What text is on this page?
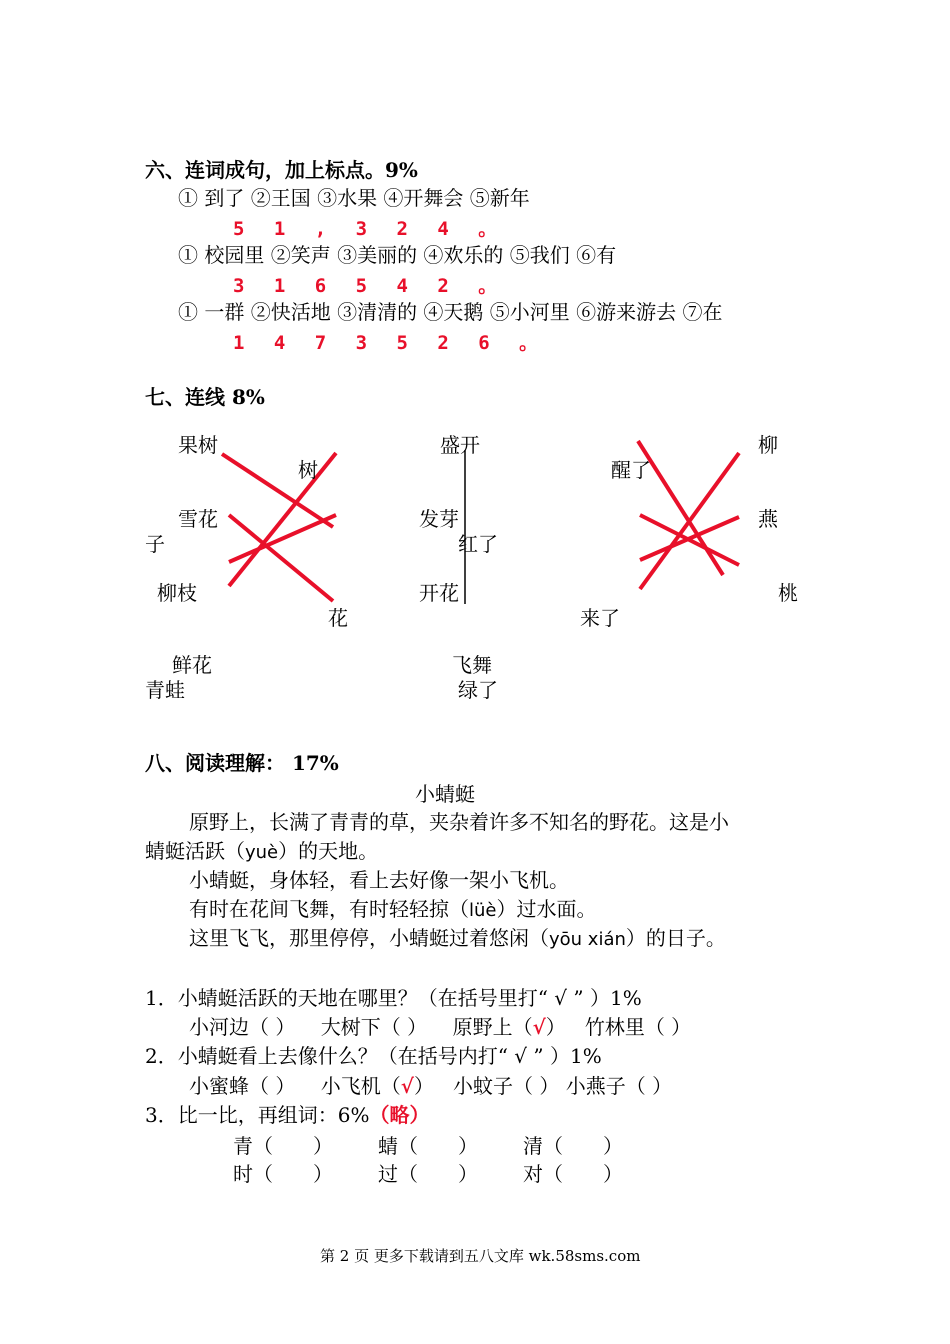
六、连词成句，加上标点。9%
① 到了 ②王国 ③水果 ④开舞会 ⑤新年
5 1 , 3 2 4 。
① 校园里 ②笑声 ③美丽的 ④欢乐的 ⑤我们 ⑥有
3 1 6 5 4 2 。
① 一群 ②快活地 ③清清的 ④天鹅 ⑤小河里 ⑥游来游去 ⑦在
1 4 7 3 5 2 6 。
七、连线 8%
果树
树
雪花
子
柳枝
花
鲜花
青蛙
盛开
发芽
红了
开花
飞舞
绿了
柳
醒了
燕
桃
来了
八、阅读理解： 17%
小蜻蜓
原野上，长满了青青的草，夹杂着许多不知名的野花。这是小
蜻蜓活跃（yuè）的天地。
小蜻蜓，身体轻，看上去好像一架小飞机。
有时在花间飞舞，有时轻轻掠（lüè）过水面。
这里飞飞，那里停停，小蜻蜓过着悠闲（yōu xián）的日子。
1．小蜻蜓活跃的天地在哪里？（在括号里打“ √ ” ）1%
小河边（ ） 大树下（ ） 原野上（√） 竹林里（ ）
2．小蜻蜓看上去像什么？（在括号内打“ √ ” ）1%
小蜜蜂（ ） 小飞机（√） 小蚊子（ ） 小燕子（ ）
3．比一比，再组词：6%（略）
青（　　） 蜻（　　） 清（　　）
时（　　） 过（　　） 对（　　）
第 2 页 更多下载请到五八文库 wk.58sms.com
